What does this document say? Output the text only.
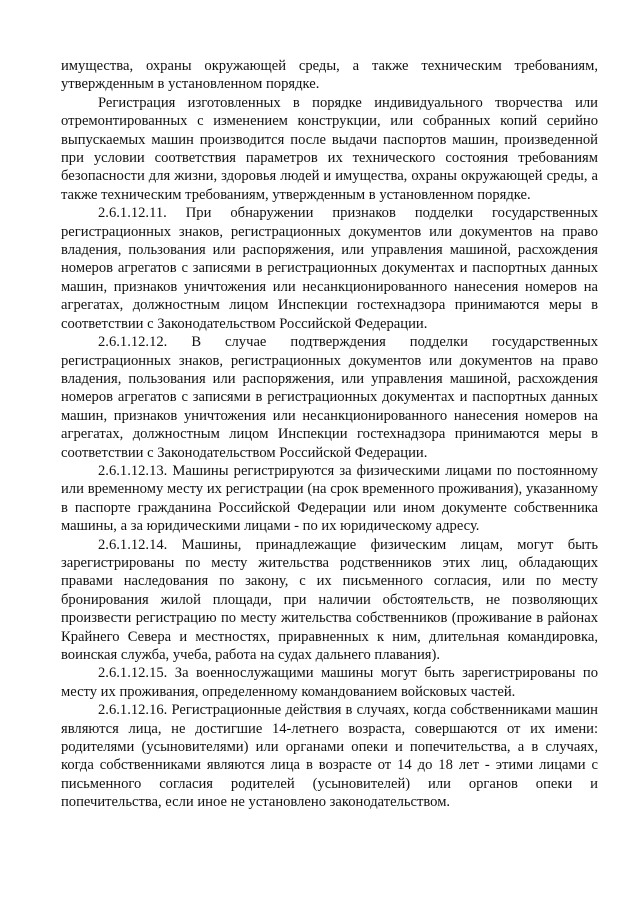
имущества, охраны окружающей среды, а также техническим требованиям, утвержденным в установленном порядке.

Регистрация изготовленных в порядке индивидуального творчества или отремонтированных с изменением конструкции, или собранных копий серийно выпускаемых машин производится после выдачи паспортов машин, произведенной при условии соответствия параметров их технического состояния требованиям безопасности для жизни, здоровья людей и имущества, охраны окружающей среды, а также техническим требованиям, утвержденным в установленном порядке.

2.6.1.12.11. При обнаружении признаков подделки государственных регистрационных знаков, регистрационных документов или документов на право владения, пользования или распоряжения, или управления машиной, расхождения номеров агрегатов с записями в регистрационных документах и паспортных данных машин, признаков уничтожения или несанкционированного нанесения номеров на агрегатах, должностным лицом Инспекции гостехнадзора принимаются меры в соответствии с Законодательством Российской Федерации.

2.6.1.12.12. В случае подтверждения подделки государственных регистрационных знаков, регистрационных документов или документов на право владения, пользования или распоряжения, или управления машиной, расхождения номеров агрегатов с записями в регистрационных документах и паспортных данных машин, признаков уничтожения или несанкционированного нанесения номеров на агрегатах, должностным лицом Инспекции гостехнадзора принимаются меры в соответствии с Законодательством Российской Федерации.

2.6.1.12.13. Машины регистрируются за физическими лицами по постоянному или временному месту их регистрации (на срок временного проживания), указанному в паспорте гражданина Российской Федерации или ином документе собственника машины, а за юридическими лицами - по их юридическому адресу.

2.6.1.12.14. Машины, принадлежащие физическим лицам, могут быть зарегистрированы по месту жительства родственников этих лиц, обладающих правами наследования по закону, с их письменного согласия, или по месту бронирования жилой площади, при наличии обстоятельств, не позволяющих произвести регистрацию по месту жительства собственников (проживание в районах Крайнего Севера и местностях, приравненных к ним, длительная командировка, воинская служба, учеба, работа на судах дальнего плавания).

2.6.1.12.15. За военнослужащими машины могут быть зарегистрированы по месту их проживания, определенному командованием войсковых частей.

2.6.1.12.16. Регистрационные действия в случаях, когда собственниками машин являются лица, не достигшие 14-летнего возраста, совершаются от их имени: родителями (усыновителями) или органами опеки и попечительства, а в случаях, когда собственниками являются лица в возрасте от 14 до 18 лет - этими лицами с письменного согласия родителей (усыновителей) или органов опеки и попечительства, если иное не установлено законодательством.
